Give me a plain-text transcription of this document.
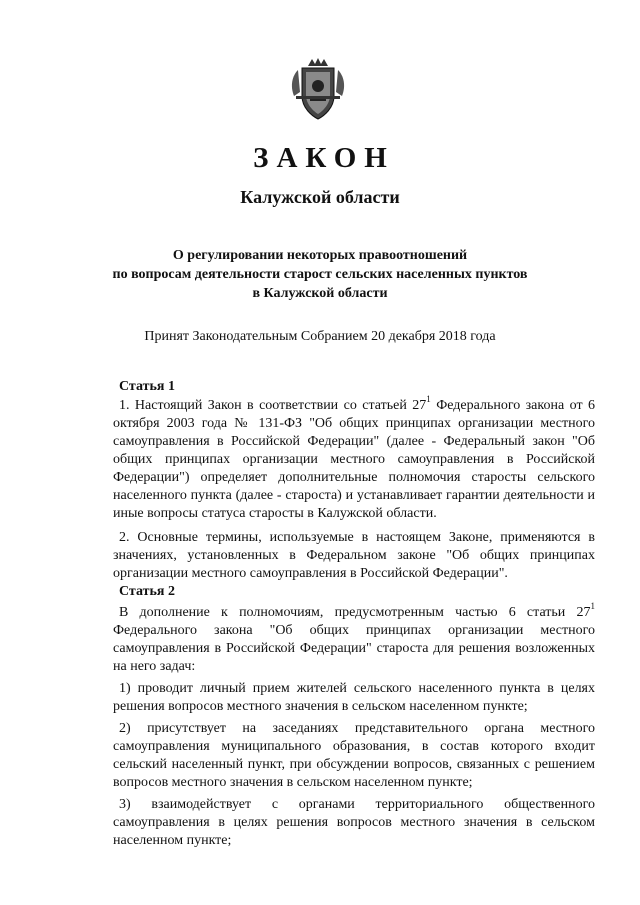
ЗАКОН
Калужской области
О регулировании некоторых правоотношений
по вопросам деятельности старост сельских населенных пунктов
в Калужской области
Принят Законодательным Собранием 20 декабря 2018 года
Статья 1

1. Настоящий Закон в соответствии со статьей $27^1$ Федерального закона от 6 октября 2003 года № 131-ФЗ "Об общих принципах организации местного самоуправления в Российской Федерации" (далее - Федеральный закон "Об общих принципах организации местного самоуправления в Российской Федерации") определяет дополнительные полномочия старосты сельского населенного пункта (далее - староста) и устанавливает гарантии деятельности и иные вопросы статуса старосты в Калужской области.

2. Основные термины, используемые в настоящем Законе, применяются в значениях, установленных в Федеральном законе "Об общих принципах организации местного самоуправления в Российской Федерации".

Статья 2

В дополнение к полномочиям, предусмотренным частью 6 статьи $27^1$ Федерального закона "Об общих принципах организации местного самоуправления в Российской Федерации" староста для решения возложенных на него задач:

1) проводит личный прием жителей сельского населенного пункта в целях решения вопросов местного значения в сельском населенном пункте;

2) присутствует на заседаниях представительного органа местного самоуправления муниципального образования, в состав которого входит сельский населенный пункт, при обсуждении вопросов, связанных с решением вопросов местного значения в сельском населенном пункте;

3) взаимодействует с органами территориального общественного самоуправления в целях решения вопросов местного значения в сельском населенном пункте;
